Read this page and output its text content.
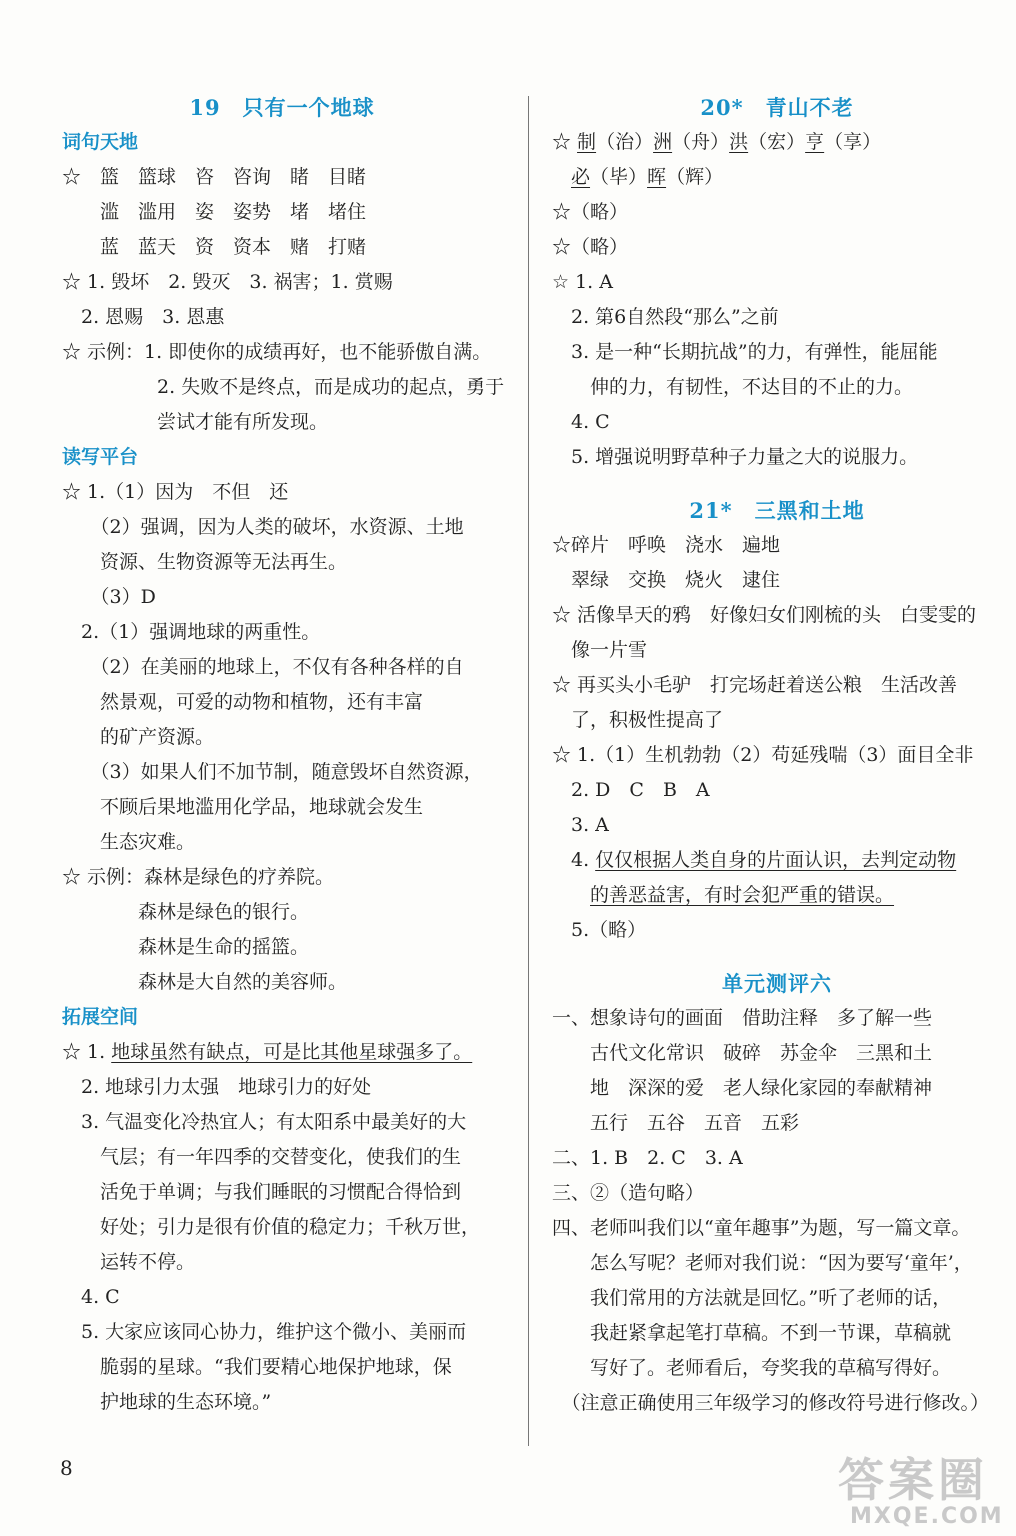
19　只有一个地球
词句天地
☆　篮　篮球　咨　咨询　睹　目睹
　　滥　滥用　姿　姿势　堵　堵住
　　蓝　蓝天　资　资本　赌　打赌
☆ 1. 毁坏　2. 毁灭　3. 祸害；1. 赏赐
　2. 恩赐　3. 恩惠
☆ 示例：1. 即使你的成绩再好，也不能骄傲自满。
　　　　　2. 失败不是终点，而是成功的起点，勇于
　　　　　尝试才能有所发现。
读写平台
☆ 1.（1）因为　不但　还
　　（2）强调，因为人类的破坏，水资源、土地
　　资源、生物资源等无法再生。
　　（3）D
　2.（1）强调地球的两重性。
　　（2）在美丽的地球上，不仅有各种各样的自
　　然景观，可爱的动物和植物，还有丰富
　　的矿产资源。
　　（3）如果人们不加节制，随意毁坏自然资源，
　　不顾后果地滥用化学品，地球就会发生
　　生态灾难。
☆ 示例：森林是绿色的疗养院。
　　　　森林是绿色的银行。
　　　　森林是生命的摇篮。
　　　　森林是大自然的美容师。
拓展空间
☆ 1. 地球虽然有缺点，可是比其他星球强多了。
　2. 地球引力太强　地球引力的好处
　3. 气温变化冷热宜人；有太阳系中最美好的大
　　气层；有一年四季的交替变化，使我们的生
　　活免于单调；与我们睡眠的习惯配合得恰到
　　好处；引力是很有价值的稳定力；千秋万世，
　　运转不停。
　4. C
　5. 大家应该同心协力，维护这个微小、美丽而
　　脆弱的星球。“我们要精心地保护地球，保
　　护地球的生态环境。”
20*　青山不老
☆ 制（治）洲（舟）洪（宏）亨（享）
　必（毕）晖（辉）
☆（略）
☆（略）
☆ 1. A
　2. 第6自然段“那么”之前
　3. 是一种“长期抗战”的力，有弹性，能屈能
　　伸的力，有韧性，不达目的不止的力。
　4. C
　5. 增强说明野草种子力量之大的说服力。
21*　三黑和土地
☆碎片　呼唤　浇水　遍地
　翠绿　交换　烧火　逮住
☆ 活像旱天的鸦　好像妇女们刚梳的头　白雯雯的
　像一片雪
☆ 再买头小毛驴　打完场赶着送公粮　生活改善
　了，积极性提高了
☆ 1.（1）生机勃勃（2）苟延残喘（3）面目全非
　2. D　C　B　A
　3. A
　4. 仅仅根据人类自身的片面认识，去判定动物
　　的善恶益害，有时会犯严重的错误。
　5.（略）
单元测评六
一、想象诗句的画面　借助注释　多了解一些
　　古代文化常识　破碎　苏金伞　三黑和土
　　地　深深的爱　老人绿化家园的奉献精神
　　五行　五谷　五音　五彩
二、1. B　2. C　3. A
三、②（造句略）
四、老师叫我们以“童年趣事”为题，写一篇文章。
　　怎么写呢？老师对我们说：“因为要写‘童年’，
　　我们常用的方法就是回忆。”听了老师的话，
　　我赶紧拿起笔打草稿。不到一节课，草稿就
　　写好了。老师看后，夸奖我的草稿写得好。
　（注意正确使用三年级学习的修改符号进行修改。）
8	答案圈
MXQE.COM
